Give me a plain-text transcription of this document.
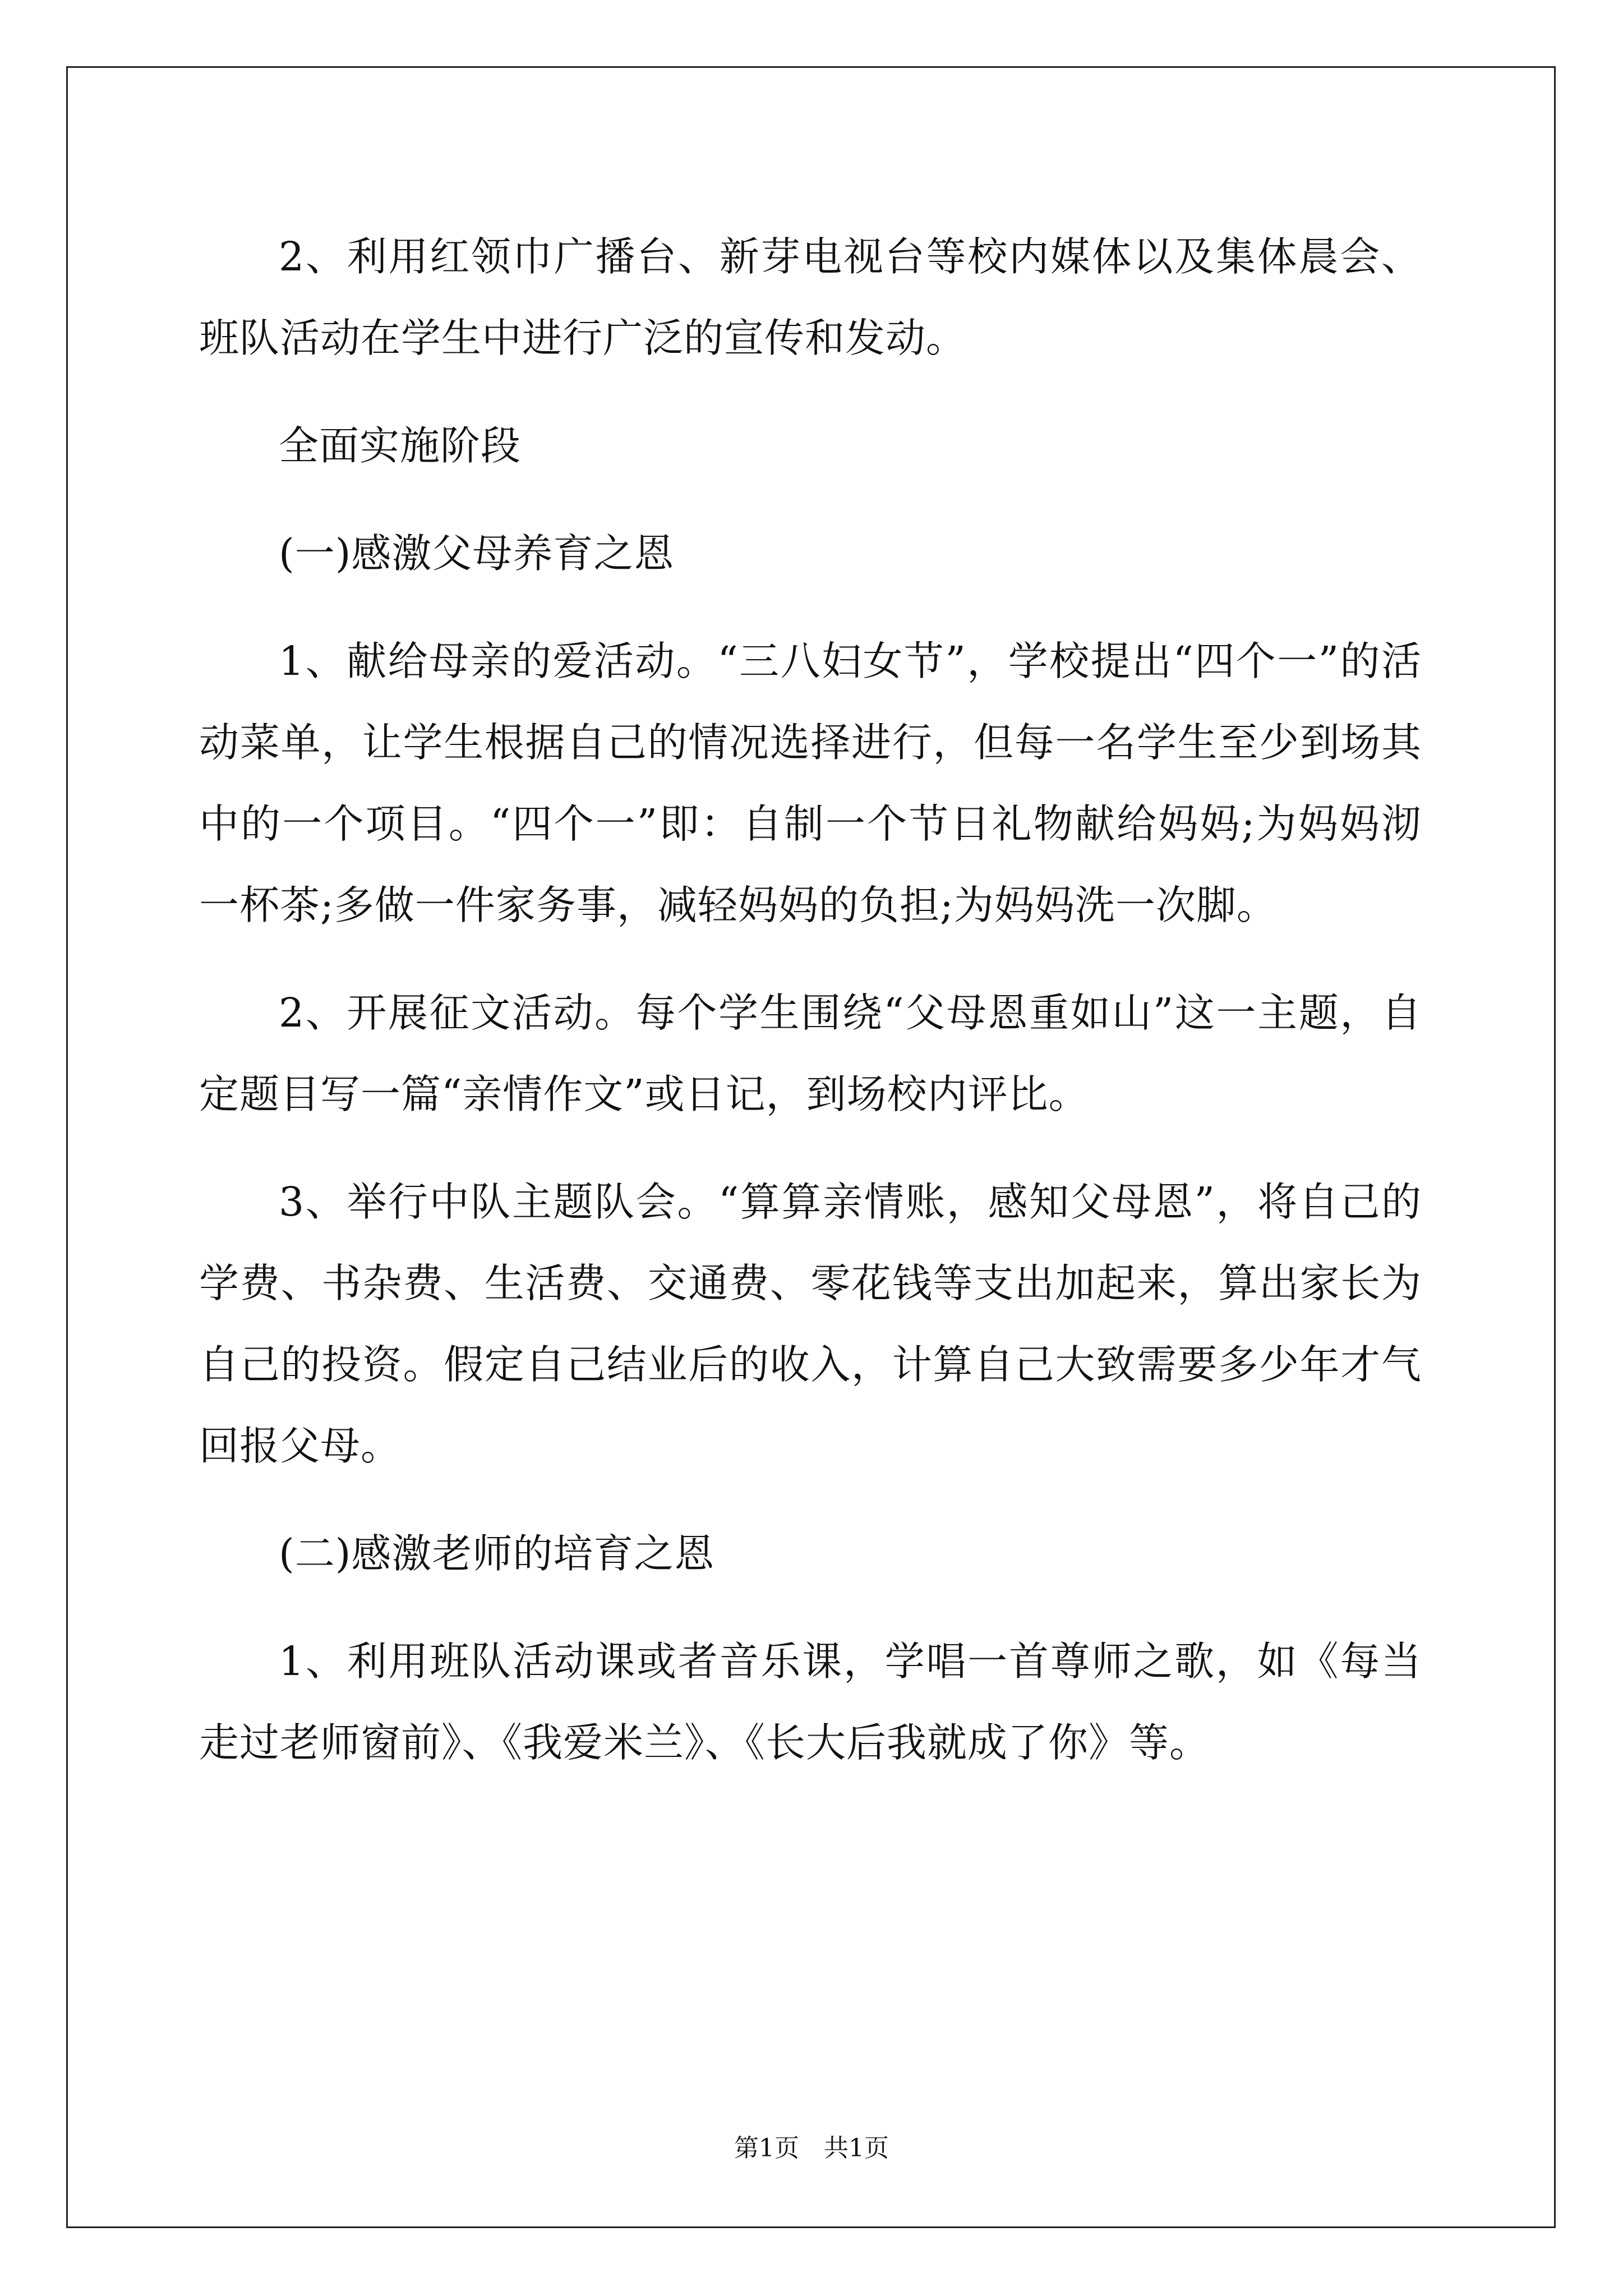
2、利用红领巾广播台、新芽电视台等校内媒体以及集体晨会、班队活动在学生中进行广泛的宣传和发动。

全面实施阶段

(一)感激父母养育之恩

1、献给母亲的爱活动。“三八妇女节”，学校提出“四个一”的活动菜单，让学生根据自己的情况选择进行，但每一名学生至少到场其中的一个项目。“四个一”即：自制一个节日礼物献给妈妈;为妈妈沏一杯茶;多做一件家务事，减轻妈妈的负担;为妈妈洗一次脚。

2、开展征文活动。每个学生围绕“父母恩重如山”这一主题，自定题目写一篇“亲情作文”或日记，到场校内评比。

3、举行中队主题队会。“算算亲情账，感知父母恩”，将自己的学费、书杂费、生活费、交通费、零花钱等支出加起来，算出家长为自己的投资。假定自己结业后的收入，计算自己大致需要多少年才气回报父母。

(二)感激老师的培育之恩

1、利用班队活动课或者音乐课，学唱一首尊师之歌，如《每当走过老师窗前》、《我爱米兰》、《长大后我就成了你》等。

第1页 共1页
